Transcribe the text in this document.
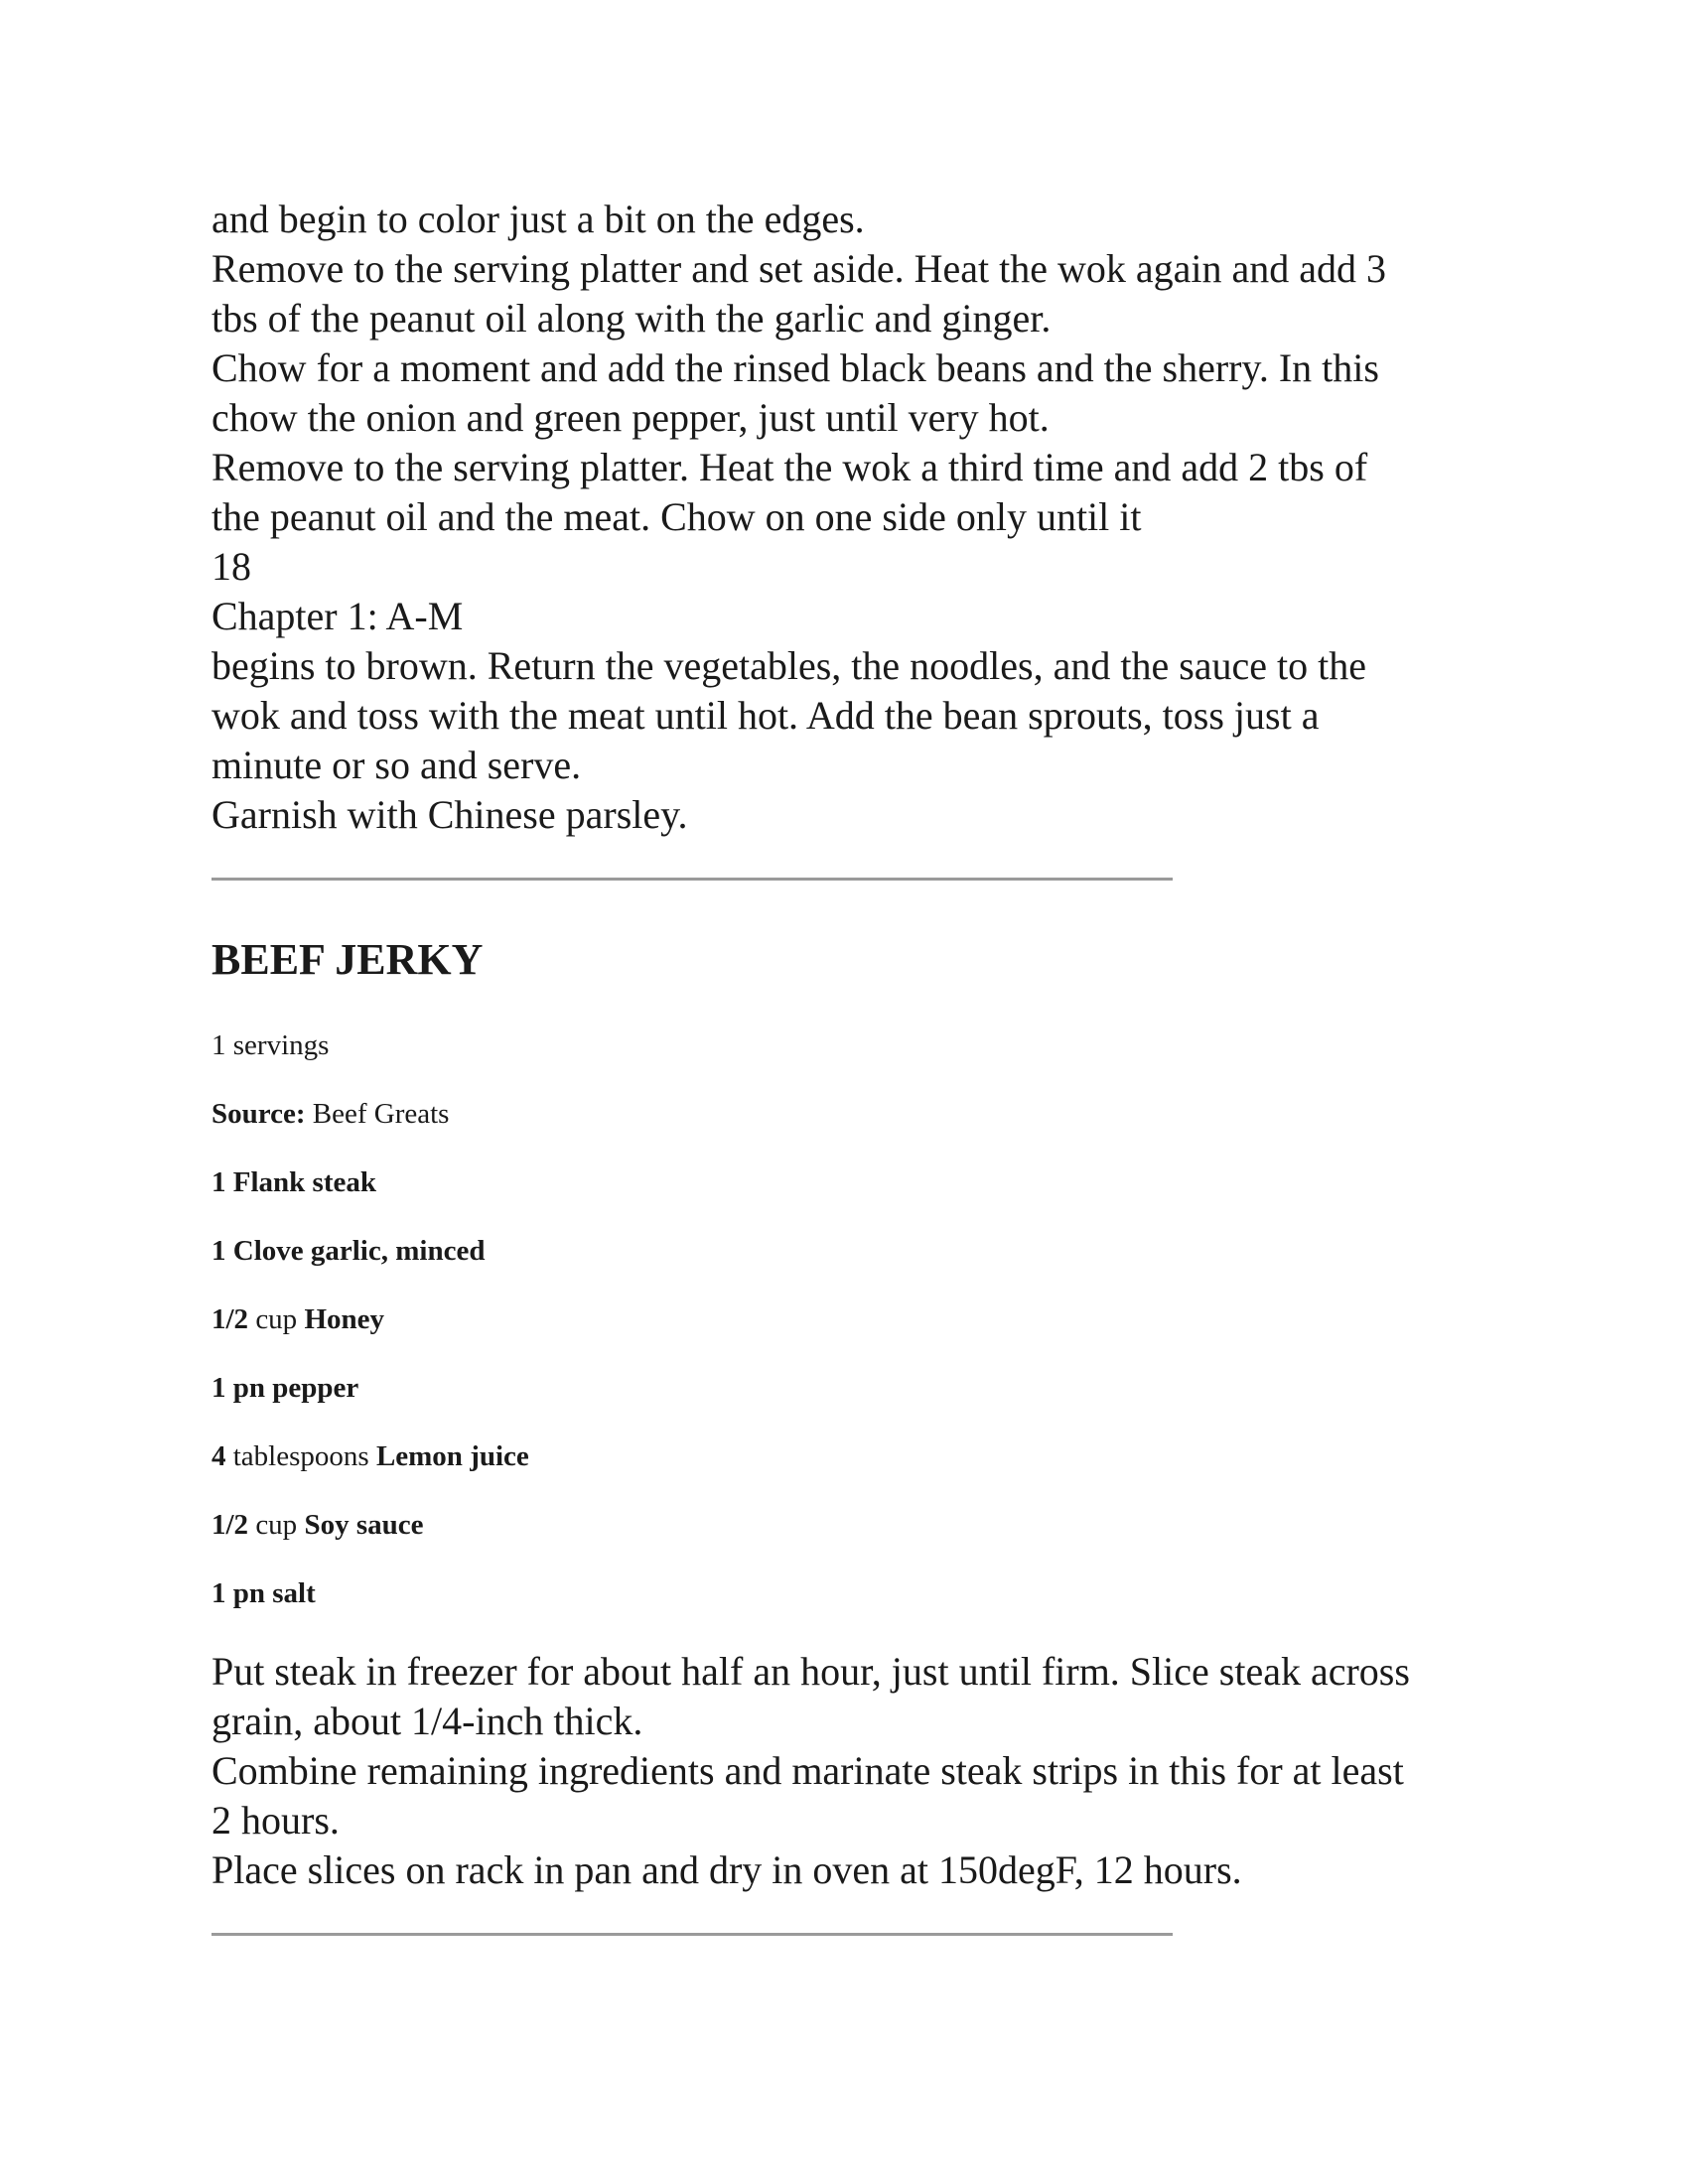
and begin to color just a bit on the edges.
Remove to the serving platter and set aside. Heat the wok again and add 3
tbs of the peanut oil along with the garlic and ginger.
Chow for a moment and add the rinsed black beans and the sherry. In this
chow the onion and green pepper, just until very hot.
Remove to the serving platter. Heat the wok a third time and add 2 tbs of
the peanut oil and the meat. Chow on one side only until it
18
Chapter 1: A-M
begins to brown. Return the vegetables, the noodles, and the sauce to the
wok and toss with the meat until hot. Add the bean sprouts, toss just a
minute or so and serve.
Garnish with Chinese parsley.
BEEF JERKY

1 servings

Source: Beef Greats

1 Flank steak

1 Clove garlic, minced

1/2 cup Honey

1 pn pepper

4 tablespoons Lemon juice

1/2 cup Soy sauce

1 pn salt

Put steak in freezer for about half an hour, just until firm. Slice steak across
grain, about 1/4-inch thick.
Combine remaining ingredients and marinate steak strips in this for at least
2 hours.
Place slices on rack in pan and dry in oven at 150degF, 12 hours.
